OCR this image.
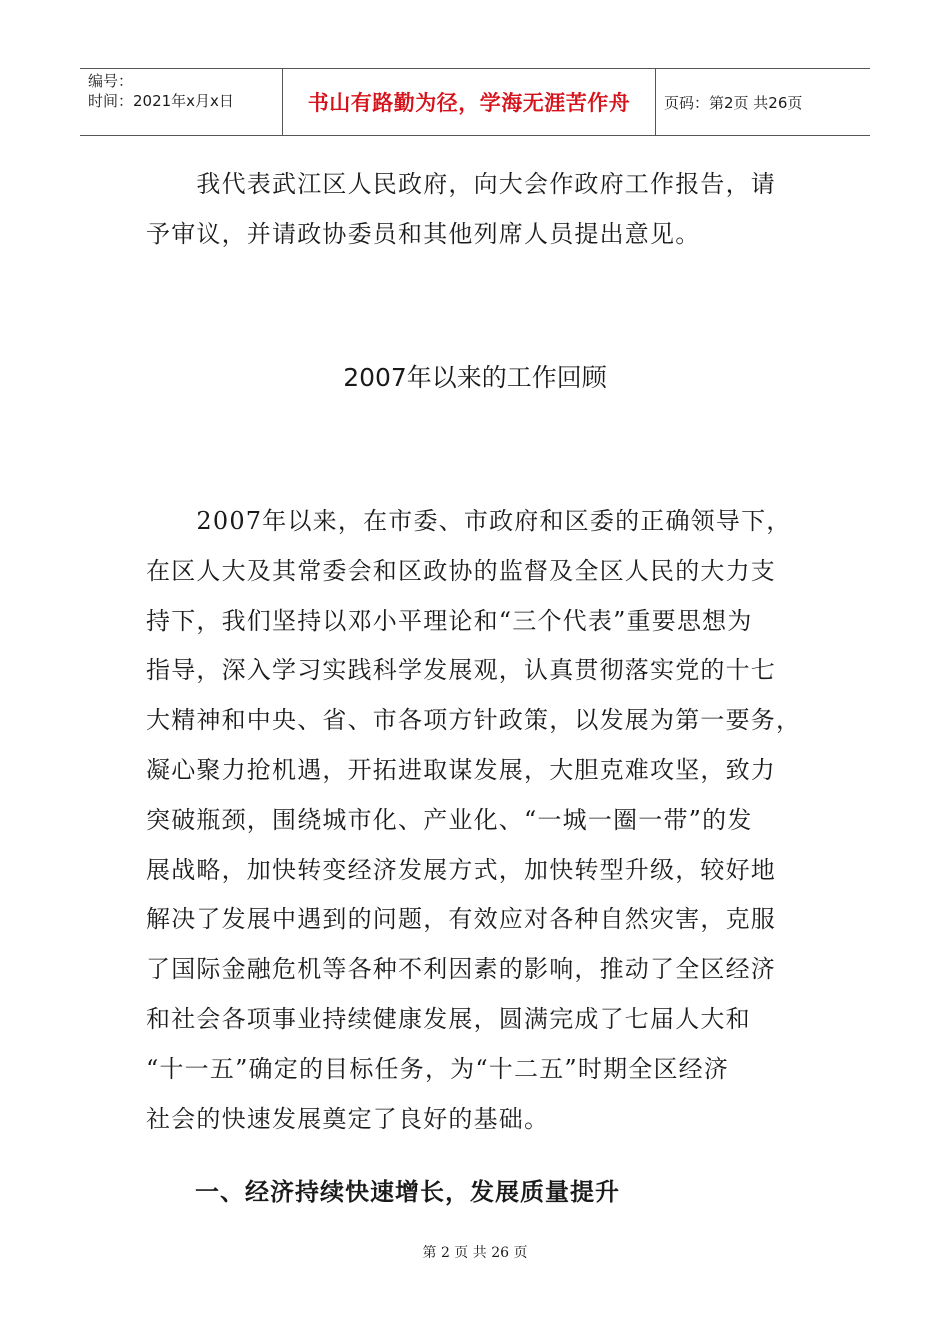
编号：
时间：2021年x月x日	书山有路勤为径，学海无涯苦作舟	页码：第2页 共26页
　　我代表武江区人民政府，向大会作政府工作报告，请
予审议，并请政协委员和其他列席人员提出意见。
2007年以来的工作回顾
　　2007年以来，在市委、市政府和区委的正确领导下，
在区人大及其常委会和区政协的监督及全区人民的大力支
持下，我们坚持以邓小平理论和“三个代表”重要思想为
指导，深入学习实践科学发展观，认真贯彻落实党的十七
大精神和中央、省、市各项方针政策，以发展为第一要务，
凝心聚力抢机遇，开拓进取谋发展，大胆克难攻坚，致力
突破瓶颈，围绕城市化、产业化、“一城一圈一带”的发
展战略，加快转变经济发展方式，加快转型升级，较好地
解决了发展中遇到的问题，有效应对各种自然灾害，克服
了国际金融危机等各种不利因素的影响，推动了全区经济
和社会各项事业持续健康发展，圆满完成了七届人大和
“十一五”确定的目标任务，为“十二五”时期全区经济
社会的快速发展奠定了良好的基础。
一、经济持续快速增长，发展质量提升
第 2 页 共 26 页
